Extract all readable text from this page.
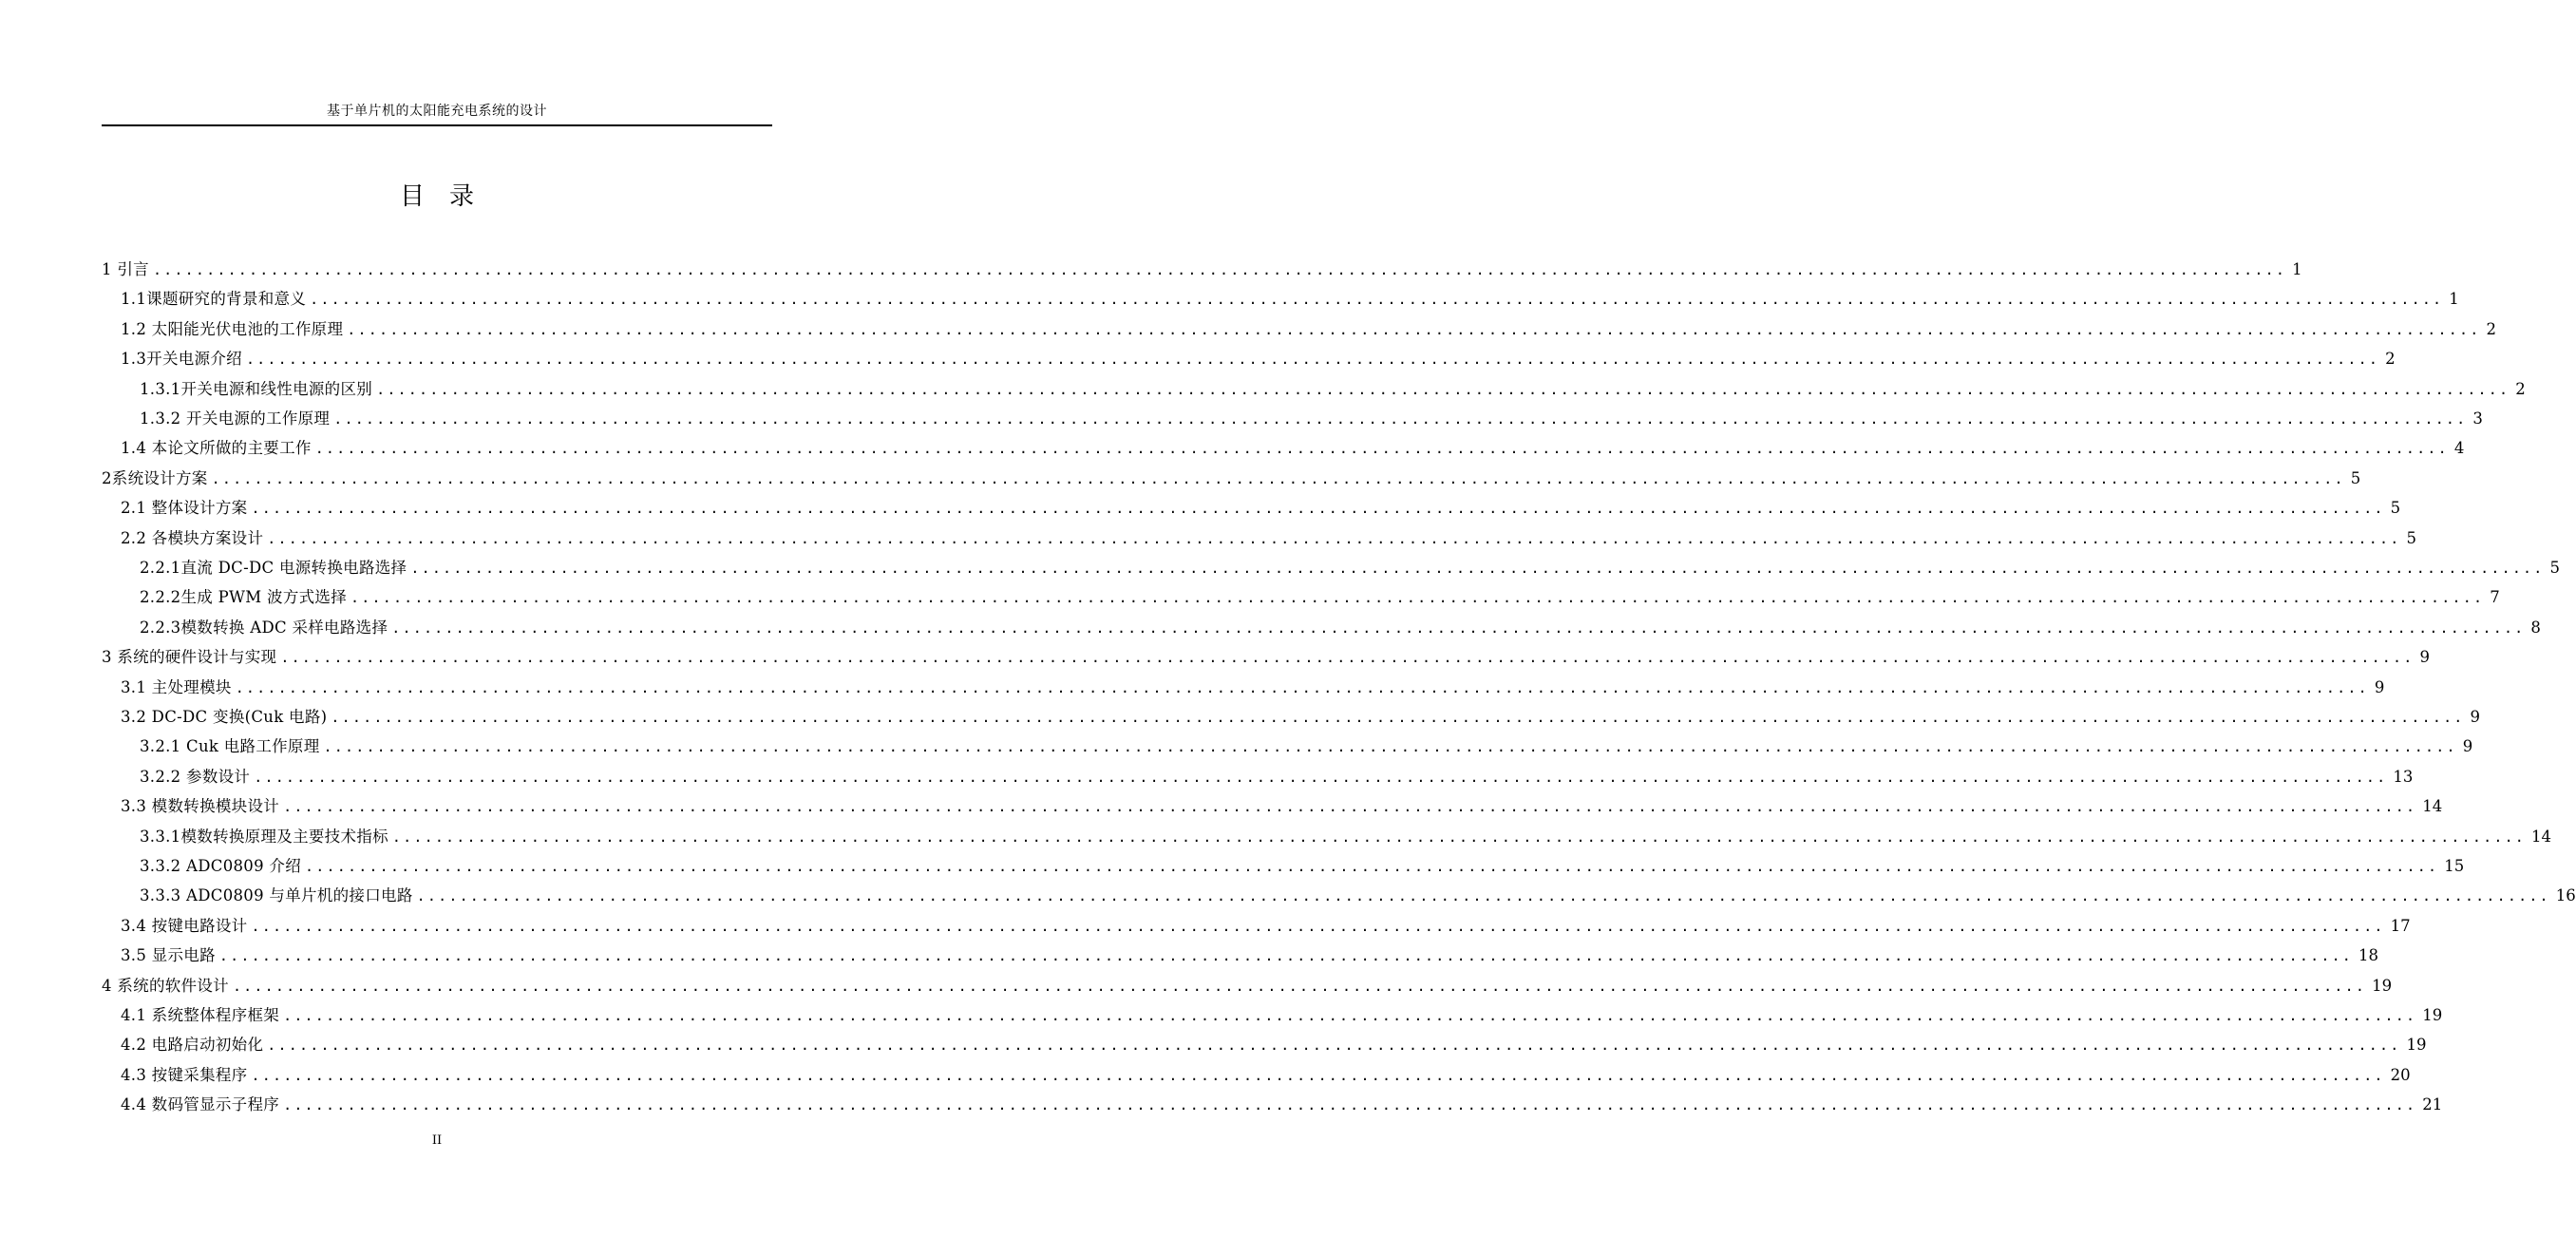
基于单片机的太阳能充电系统的设计
目录
1 引言 ........................................................................................................................................................................................................ 1
1.1课题研究的背景和意义 ........................................................................................................................................................................................................ 1
1.2 太阳能光伏电池的工作原理 ........................................................................................................................................................................................................ 2
1.3开关电源介绍 ........................................................................................................................................................................................................ 2
1.3.1开关电源和线性电源的区别 ........................................................................................................................................................................................................ 2
1.3.2 开关电源的工作原理 ........................................................................................................................................................................................................ 3
1.4 本论文所做的主要工作 ........................................................................................................................................................................................................ 4
2系统设计方案 ........................................................................................................................................................................................................ 5
2.1 整体设计方案 ........................................................................................................................................................................................................ 5
2.2 各模块方案设计 ........................................................................................................................................................................................................ 5
2.2.1直流 DC-DC 电源转换电路选择 ........................................................................................................................................................................................................ 5
2.2.2生成 PWM 波方式选择 ........................................................................................................................................................................................................ 7
2.2.3模数转换 ADC 采样电路选择 ........................................................................................................................................................................................................ 8
3 系统的硬件设计与实现 ........................................................................................................................................................................................................ 9
3.1 主处理模块 ........................................................................................................................................................................................................ 9
3.2 DC-DC 变换(Cuk 电路) ........................................................................................................................................................................................................ 9
3.2.1 Cuk 电路工作原理 ........................................................................................................................................................................................................ 9
3.2.2 参数设计 ........................................................................................................................................................................................................ 13
3.3 模数转换模块设计 ........................................................................................................................................................................................................ 14
3.3.1模数转换原理及主要技术指标 ........................................................................................................................................................................................................ 14
3.3.2 ADC0809 介绍 ........................................................................................................................................................................................................ 15
3.3.3 ADC0809 与单片机的接口电路 ........................................................................................................................................................................................................ 16
3.4 按键电路设计 ........................................................................................................................................................................................................ 17
3.5 显示电路 ........................................................................................................................................................................................................ 18
4 系统的软件设计 ........................................................................................................................................................................................................ 19
4.1 系统整体程序框架 ........................................................................................................................................................................................................ 19
4.2 电路启动初始化 ........................................................................................................................................................................................................ 19
4.3 按键采集程序 ........................................................................................................................................................................................................ 20
4.4 数码管显示子程序 ........................................................................................................................................................................................................ 21
II
